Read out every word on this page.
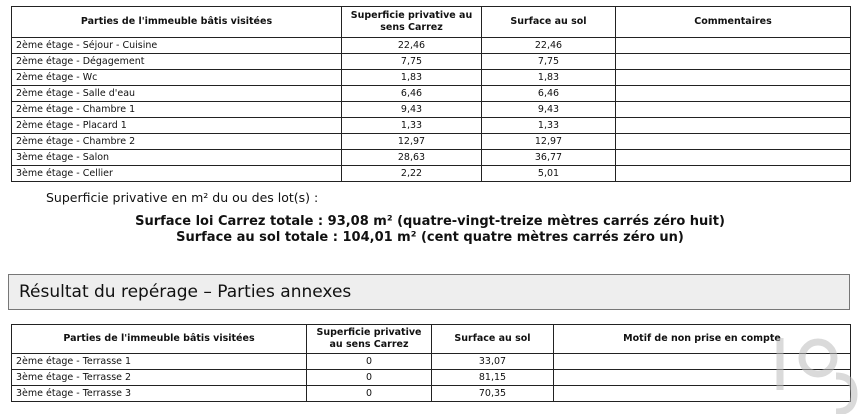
Parties de l'immeuble bâtis visitées	Superficie privative au sens Carrez	Surface au sol	Commentaires
2ème étage - Séjour - Cuisine	22,46	22,46	
2ème étage - Dégagement	7,75	7,75	
2ème étage - Wc	1,83	1,83	
2ème étage - Salle d'eau	6,46	6,46	
2ème étage - Chambre 1	9,43	9,43	
2ème étage - Placard 1	1,33	1,33	
2ème étage - Chambre 2	12,97	12,97	
3ème étage - Salon	28,63	36,77	
3ème étage - Cellier	2,22	5,01	
Superficie privative en m² du ou des lot(s) :
Surface loi Carrez totale : 93,08 m² (quatre-vingt-treize mètres carrés zéro huit)
Surface au sol totale : 104,01 m² (cent quatre mètres carrés zéro un)
Résultat du repérage – Parties annexes
Parties de l'immeuble bâtis visitées	Superficie privative au sens Carrez	Surface au sol	Motif de non prise en compte
2ème étage - Terrasse 1	0	33,07	
3ème étage - Terrasse 2	0	81,15	
3ème étage - Terrasse 3	0	70,35	
